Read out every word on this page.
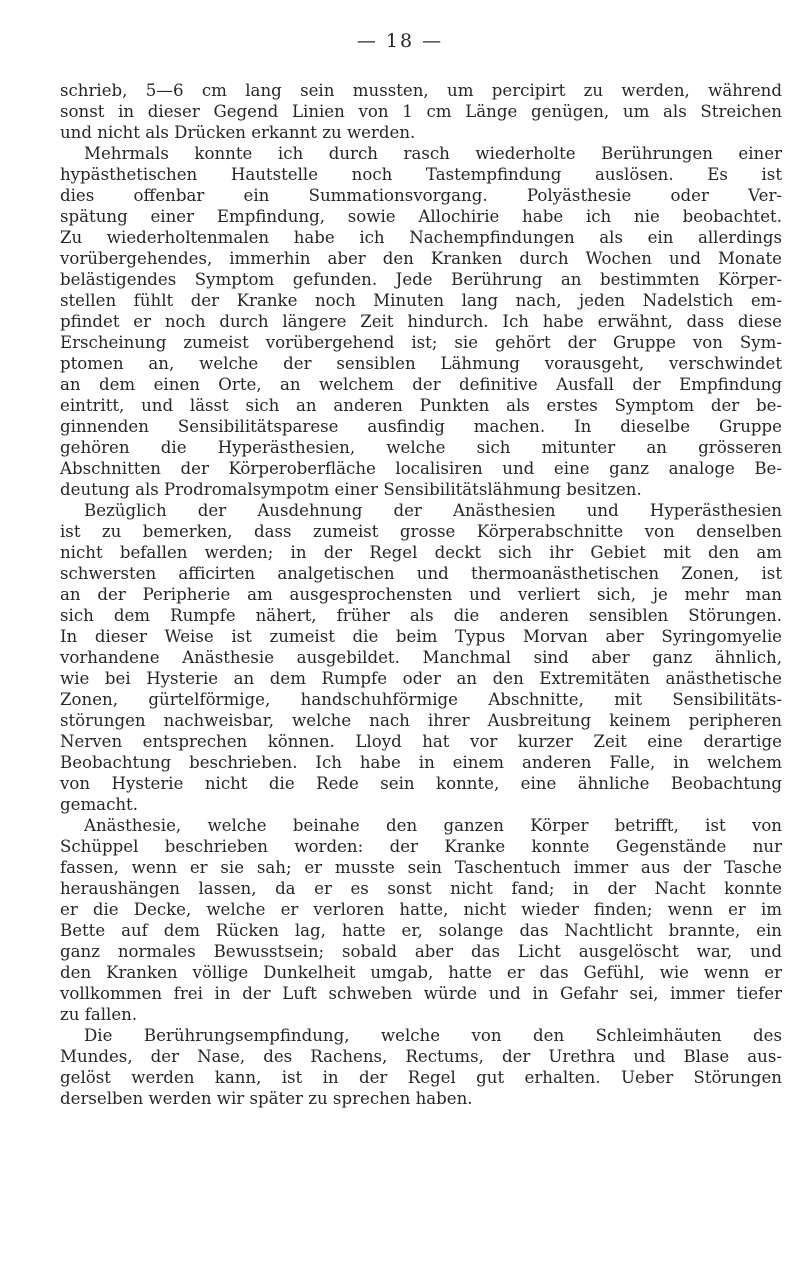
— 18 —
schrieb, 5—6 cm lang sein mussten, um percipirt zu werden, während
sonst in dieser Gegend Linien von 1 cm Länge genügen, um als Streichen
und nicht als Drücken erkannt zu werden.
Mehrmals konnte ich durch rasch wiederholte Berührungen einer
hypästhetischen Hautstelle noch Tastempfindung auslösen. Es ist
dies offenbar ein Summationsvorgang. Polyästhesie oder Ver-
spätung einer Empfindung, sowie Allochirie habe ich nie beobachtet.
Zu wiederholtenmalen habe ich Nachempfindungen als ein allerdings
vorübergehendes, immerhin aber den Kranken durch Wochen und Monate
belästigendes Symptom gefunden. Jede Berührung an bestimmten Körper-
stellen fühlt der Kranke noch Minuten lang nach, jeden Nadelstich em-
pfindet er noch durch längere Zeit hindurch. Ich habe erwähnt, dass diese
Erscheinung zumeist vorübergehend ist; sie gehört der Gruppe von Sym-
ptomen an, welche der sensiblen Lähmung vorausgeht, verschwindet
an dem einen Orte, an welchem der definitive Ausfall der Empfindung
eintritt, und lässt sich an anderen Punkten als erstes Symptom der be-
ginnenden Sensibilitätsparese ausfindig machen. In dieselbe Gruppe
gehören die Hyperästhesien, welche sich mitunter an grösseren
Abschnitten der Körperoberfläche localisiren und eine ganz analoge Be-
deutung als Prodromalsympotm einer Sensibilitätslähmung besitzen.
Bezüglich der Ausdehnung der Anästhesien und Hyperästhesien
ist zu bemerken, dass zumeist grosse Körperabschnitte von denselben
nicht befallen werden; in der Regel deckt sich ihr Gebiet mit den am
schwersten afficirten analgetischen und thermoanästhetischen Zonen, ist
an der Peripherie am ausgesprochensten und verliert sich, je mehr man
sich dem Rumpfe nähert, früher als die anderen sensiblen Störungen.
In dieser Weise ist zumeist die beim Typus Morvan aber Syringomyelie
vorhandene Anästhesie ausgebildet. Manchmal sind aber ganz ähnlich,
wie bei Hysterie an dem Rumpfe oder an den Extremitäten anästhetische
Zonen, gürtelförmige, handschuhförmige Abschnitte, mit Sensibilitäts-
störungen nachweisbar, welche nach ihrer Ausbreitung keinem peripheren
Nerven entsprechen können. Lloyd hat vor kurzer Zeit eine derartige
Beobachtung beschrieben. Ich habe in einem anderen Falle, in welchem
von Hysterie nicht die Rede sein konnte, eine ähnliche Beobachtung
gemacht.
Anästhesie, welche beinahe den ganzen Körper betrifft, ist von
Schüppel beschrieben worden: der Kranke konnte Gegenstände nur
fassen, wenn er sie sah; er musste sein Taschentuch immer aus der Tasche
heraushängen lassen, da er es sonst nicht fand; in der Nacht konnte
er die Decke, welche er verloren hatte, nicht wieder finden; wenn er im
Bette auf dem Rücken lag, hatte er, solange das Nachtlicht brannte, ein
ganz normales Bewusstsein; sobald aber das Licht ausgelöscht war, und
den Kranken völlige Dunkelheit umgab, hatte er das Gefühl, wie wenn er
vollkommen frei in der Luft schweben würde und in Gefahr sei, immer tiefer
zu fallen.
Die Berührungsempfindung, welche von den Schleimhäuten des
Mundes, der Nase, des Rachens, Rectums, der Urethra und Blase aus-
gelöst werden kann, ist in der Regel gut erhalten. Ueber Störungen
derselben werden wir später zu sprechen haben.
